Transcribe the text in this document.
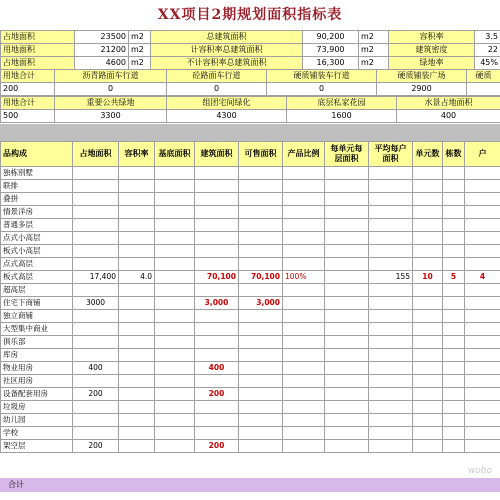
XX项目2期规划面积指标表
占地面积	23500	m2	总建筑面积	90,200	m2	容积率	3.5
用地面积	21200	m2	计容积率总建筑面积	73,900	m2	建筑密度	22
占地面积	4600	m2	不计容积率总建筑面积	16,300	m2	绿地率	45%
用地合计	沥青路面车行道	砼路面车行道	硬质铺装车行道	硬质铺装广场	硬质
200	0	0	0	2900	
用地合计	重要公共绿地	组团宅间绿化	底层私家花园	水景占地面积
500	3300	4300	1600	400
品构成	占地面积	容积率	基底面积	建筑面积	可售面积	产品比例	每单元每层面积	平均每户面积	单元数	栋数	户
独栋别墅											
联排											
叠拼											
情景洋房											
普通多层											
点式小高层											
板式小高层											
点式高层											
板式高层	17,400	4.0		70,100	70,100	100%		155	10	5	4
超高层											
住宅下商铺	3000			3,000	3,000						
独立商铺											
大型集中商业											
俱乐部											
库房											
物业用房	400			400							
社区用房											
设备配套用房	200			200							
垃圾房											
幼儿园											
学校											
架空层	200			200							
合计
wobo
